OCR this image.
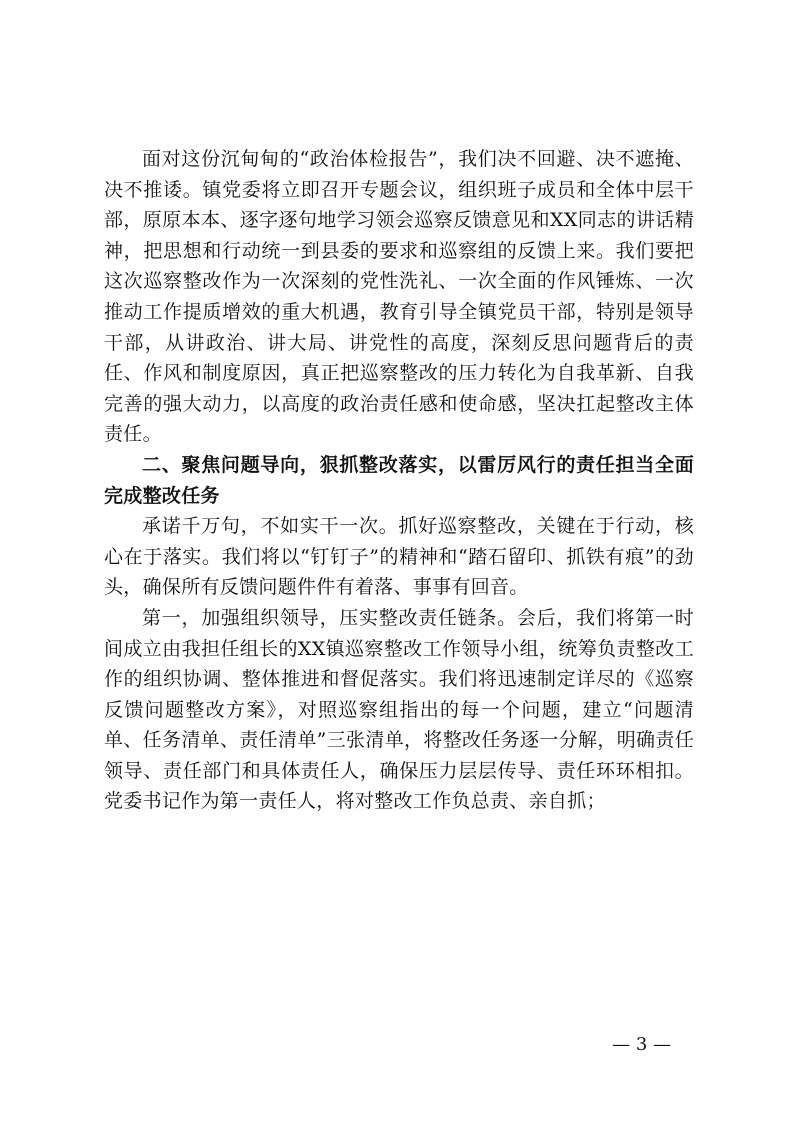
面对这份沉甸甸的“政治体检报告”，我们决不回避、决不遮掩、决不推诿。镇党委将立即召开专题会议，组织班子成员和全体中层干部，原原本本、逐字逐句地学习领会巡察反馈意见和XX同志的讲话精神，把思想和行动统一到县委的要求和巡察组的反馈上来。我们要把这次巡察整改作为一次深刻的党性洗礼、一次全面的作风锤炼、一次推动工作提质增效的重大机遇，教育引导全镇党员干部，特别是领导干部，从讲政治、讲大局、讲党性的高度，深刻反思问题背后的责任、作风和制度原因，真正把巡察整改的压力转化为自我革新、自我完善的强大动力，以高度的政治责任感和使命感，坚决扛起整改主体责任。

二、聚焦问题导向，狠抓整改落实，以雷厉风行的责任担当全面完成整改任务

承诺千万句，不如实干一次。抓好巡察整改，关键在于行动，核心在于落实。我们将以“钉钉子”的精神和“踏石留印、抓铁有痕”的劲头，确保所有反馈问题件件有着落、事事有回音。

第一，加强组织领导，压实整改责任链条。会后，我们将第一时间成立由我担任组长的XX镇巡察整改工作领导小组，统筹负责整改工作的组织协调、整体推进和督促落实。我们将迅速制定详尽的《巡察反馈问题整改方案》，对照巡察组指出的每一个问题，建立“问题清单、任务清单、责任清单”三张清单，将整改任务逐一分解，明确责任领导、责任部门和具体责任人，确保压力层层传导、责任环环相扣。党委书记作为第一责任人，将对整改工作负总责、亲自抓；

— 3 —
